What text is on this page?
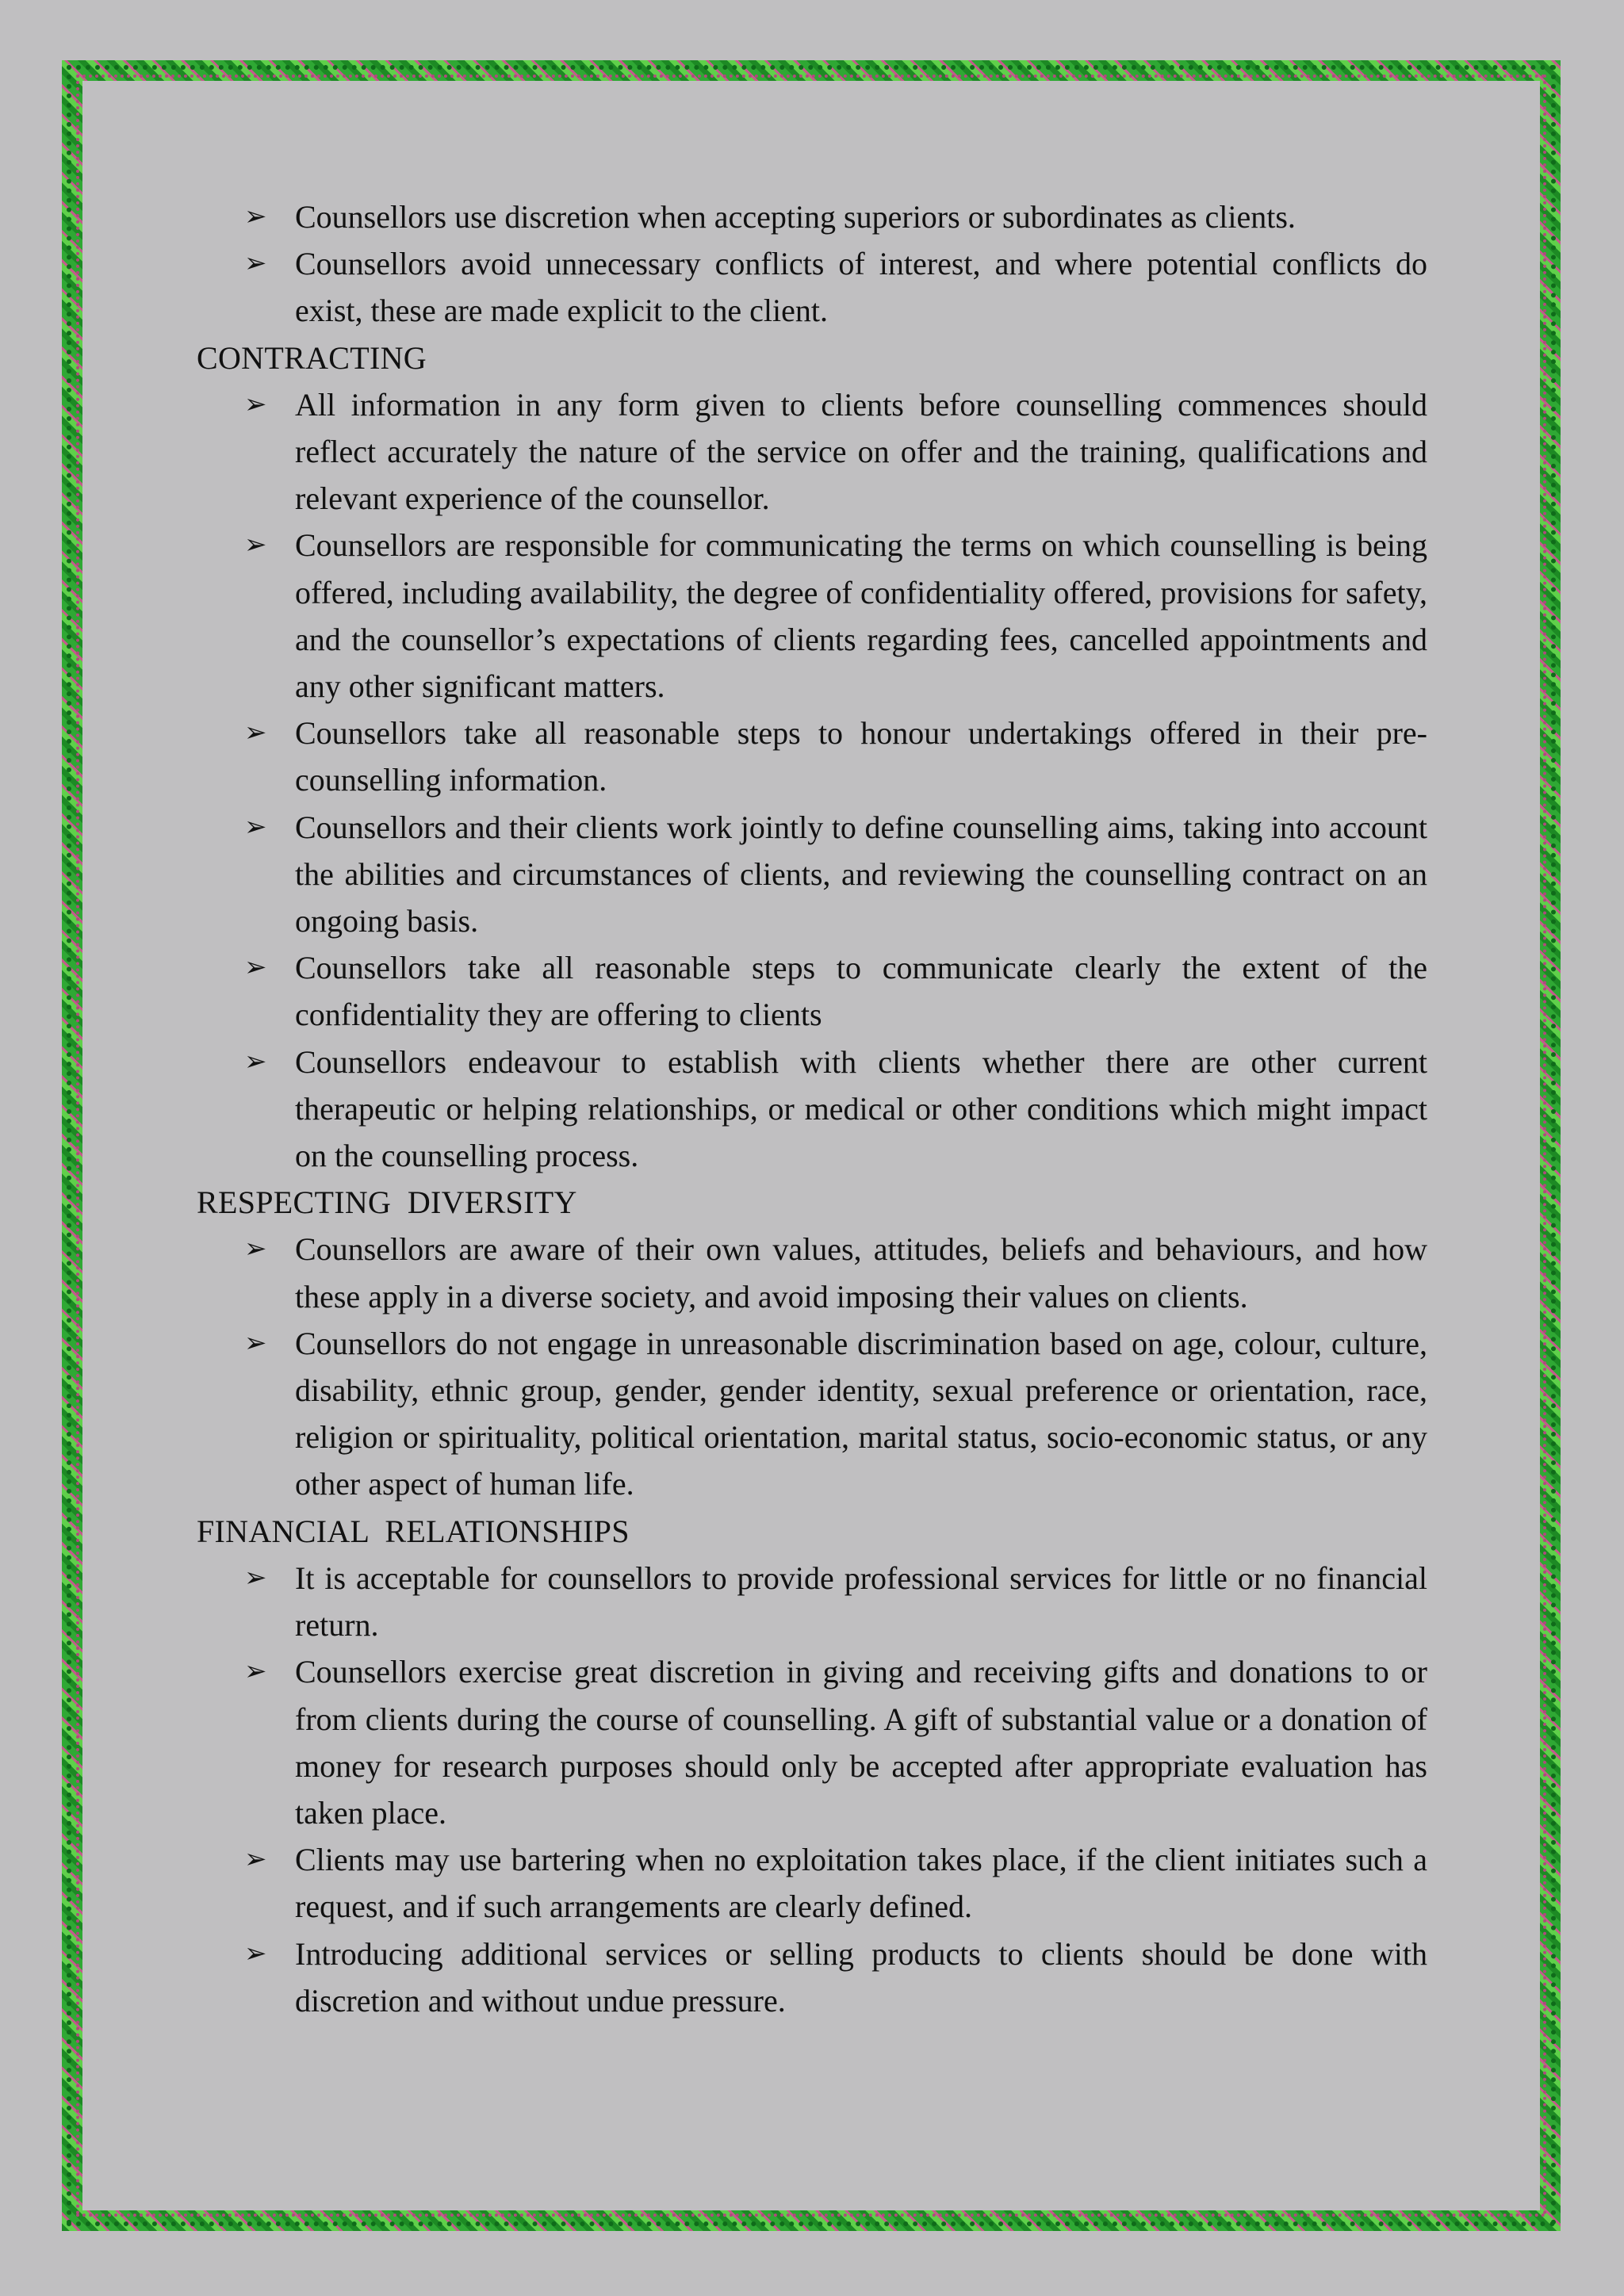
➢ Counsellors use discretion when accepting superiors or subordinates as clients.
➢ Counsellors avoid unnecessary conflicts of interest, and where potential conflicts do exist, these are made explicit to the client.
CONTRACTING
➢ All information in any form given to clients before counselling commences should reflect accurately the nature of the service on offer and the training, qualifications and relevant experience of the counsellor.
➢ Counsellors are responsible for communicating the terms on which counselling is being offered, including availability, the degree of confidentiality offered, provisions for safety, and the counsellor’s expectations of clients regarding fees, cancelled appointments and any other significant matters.
➢ Counsellors take all reasonable steps to honour undertakings offered in their pre-counselling information.
➢ Counsellors and their clients work jointly to define counselling aims, taking into account the abilities and circumstances of clients, and reviewing the counselling contract on an ongoing basis.
➢ Counsellors take all reasonable steps to communicate clearly the extent of the confidentiality they are offering to clients
➢ Counsellors endeavour to establish with clients whether there are other current therapeutic or helping relationships, or medical or other conditions which might impact on the counselling process.
RESPECTING  DIVERSITY
➢ Counsellors are aware of their own values, attitudes, beliefs and behaviours, and how these apply in a diverse society, and avoid imposing their values on clients.
➢ Counsellors do not engage in unreasonable discrimination based on age, colour, culture, disability, ethnic group, gender, gender identity, sexual preference or orientation, race, religion or spirituality, political orientation, marital status, socio-economic status, or any other aspect of human life.
FINANCIAL  RELATIONSHIPS
➢ It is acceptable for counsellors to provide professional services for little or no financial return.
➢ Counsellors exercise great discretion in giving and receiving gifts and donations to or from clients during the course of counselling. A gift of substantial value or a donation of money for research purposes should only be accepted after appropriate evaluation has taken place.
➢ Clients may use bartering when no exploitation takes place, if the client initiates such a request, and if such arrangements are clearly defined.
➢ Introducing additional services or selling products to clients should be done with discretion and without undue pressure.
